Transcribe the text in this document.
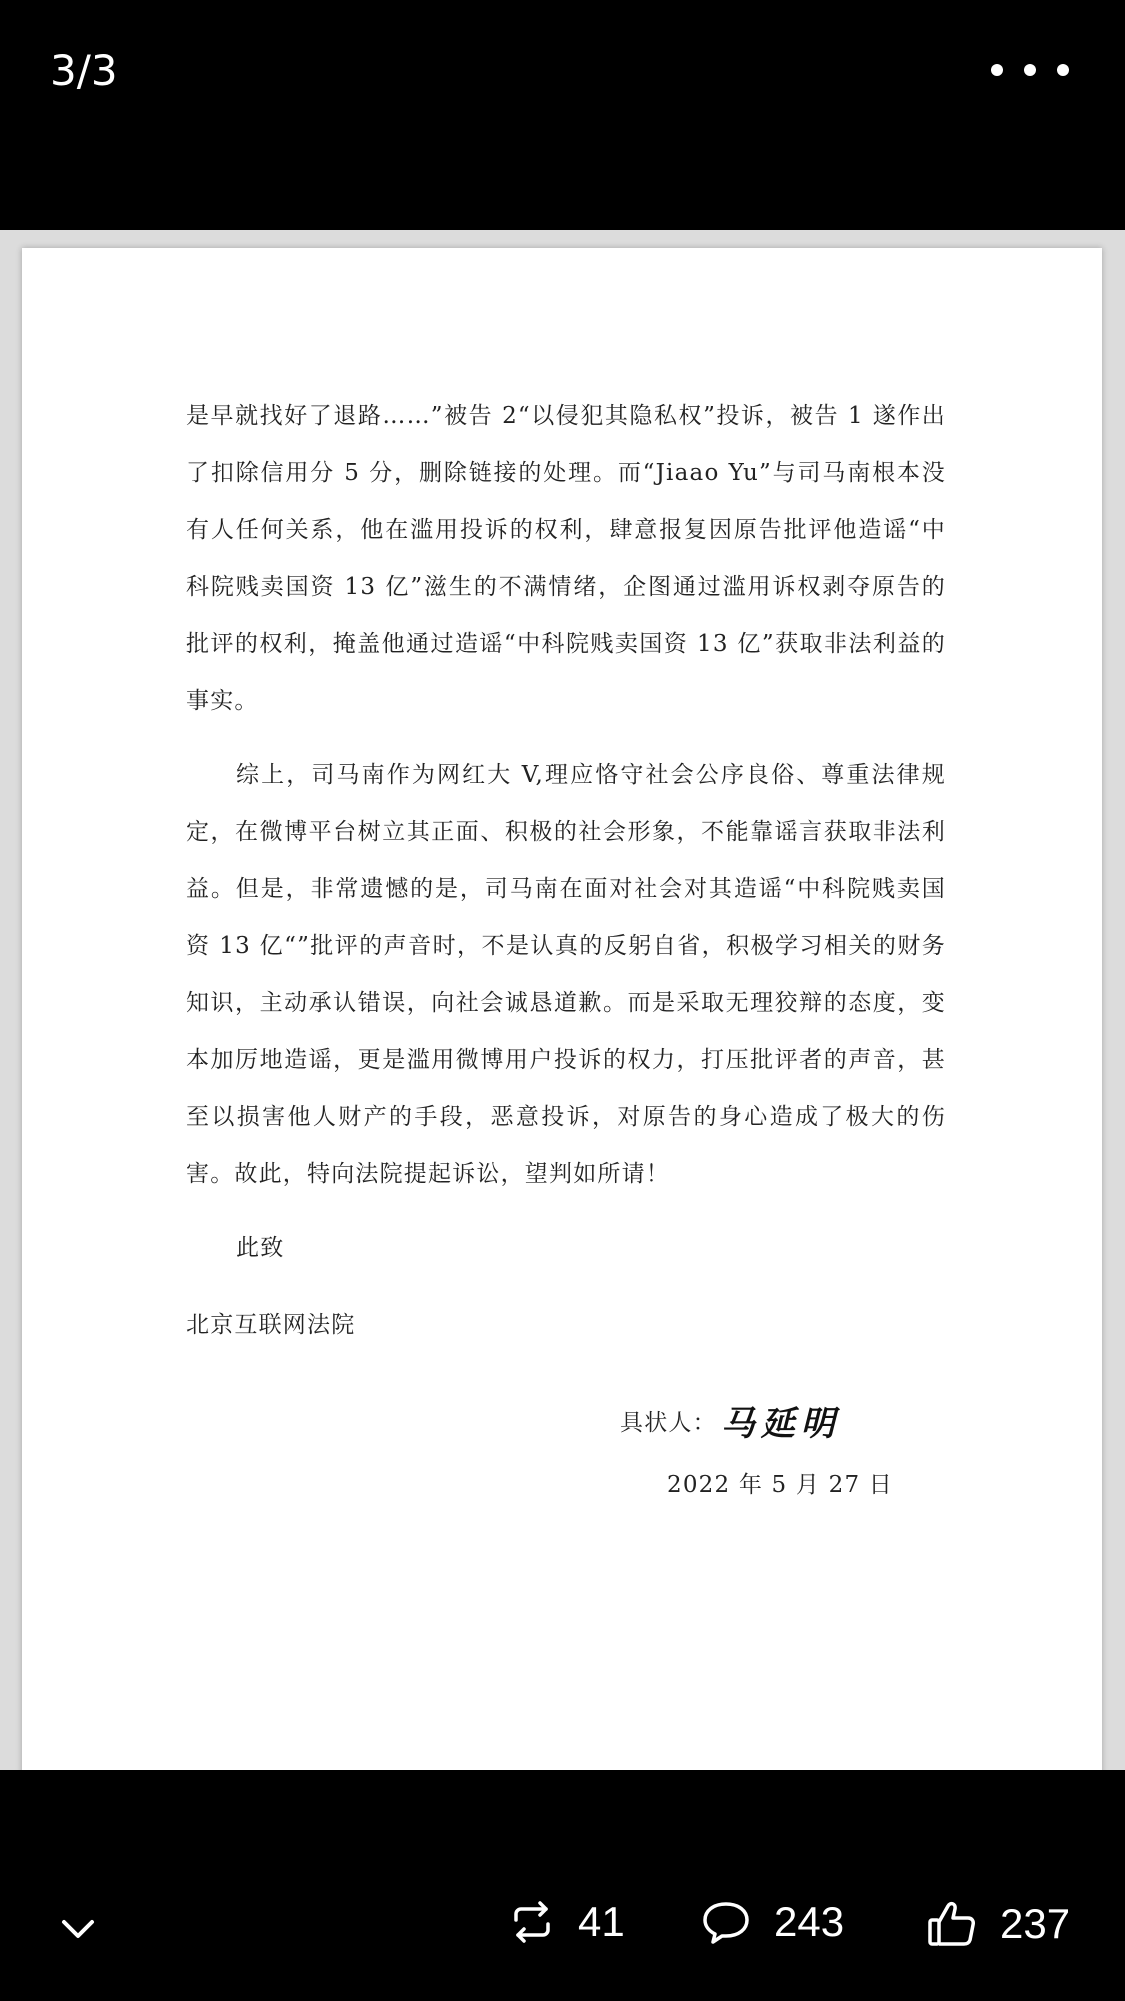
3/3

是早就找好了退路……”被告 2“以侵犯其隐私权”投诉，被告 1 遂作出了扣除信用分 5 分，删除链接的处理。而“Jiaao Yu”与司马南根本没有人任何关系，他在滥用投诉的权利，肆意报复因原告批评他造谣“中科院贱卖国资 13 亿”滋生的不满情绪，企图通过滥用诉权剥夺原告的批评的权利，掩盖他通过造谣“中科院贱卖国资 13 亿”获取非法利益的事实。

综上，司马南作为网红大 V,理应恪守社会公序良俗、尊重法律规定，在微博平台树立其正面、积极的社会形象，不能靠谣言获取非法利益。但是，非常遗憾的是，司马南在面对社会对其造谣“中科院贱卖国资 13 亿“”批评的声音时，不是认真的反躬自省，积极学习相关的财务知识，主动承认错误，向社会诚恳道歉。而是采取无理狡辩的态度，变本加厉地造谣，更是滥用微博用户投诉的权力，打压批评者的声音，甚至以损害他人财产的手段，恶意投诉，对原告的身心造成了极大的伤害。故此，特向法院提起诉讼，望判如所请！

此致

北京互联网法院

具状人： 马延明
2022 年 5 月 27 日
41	243	237
